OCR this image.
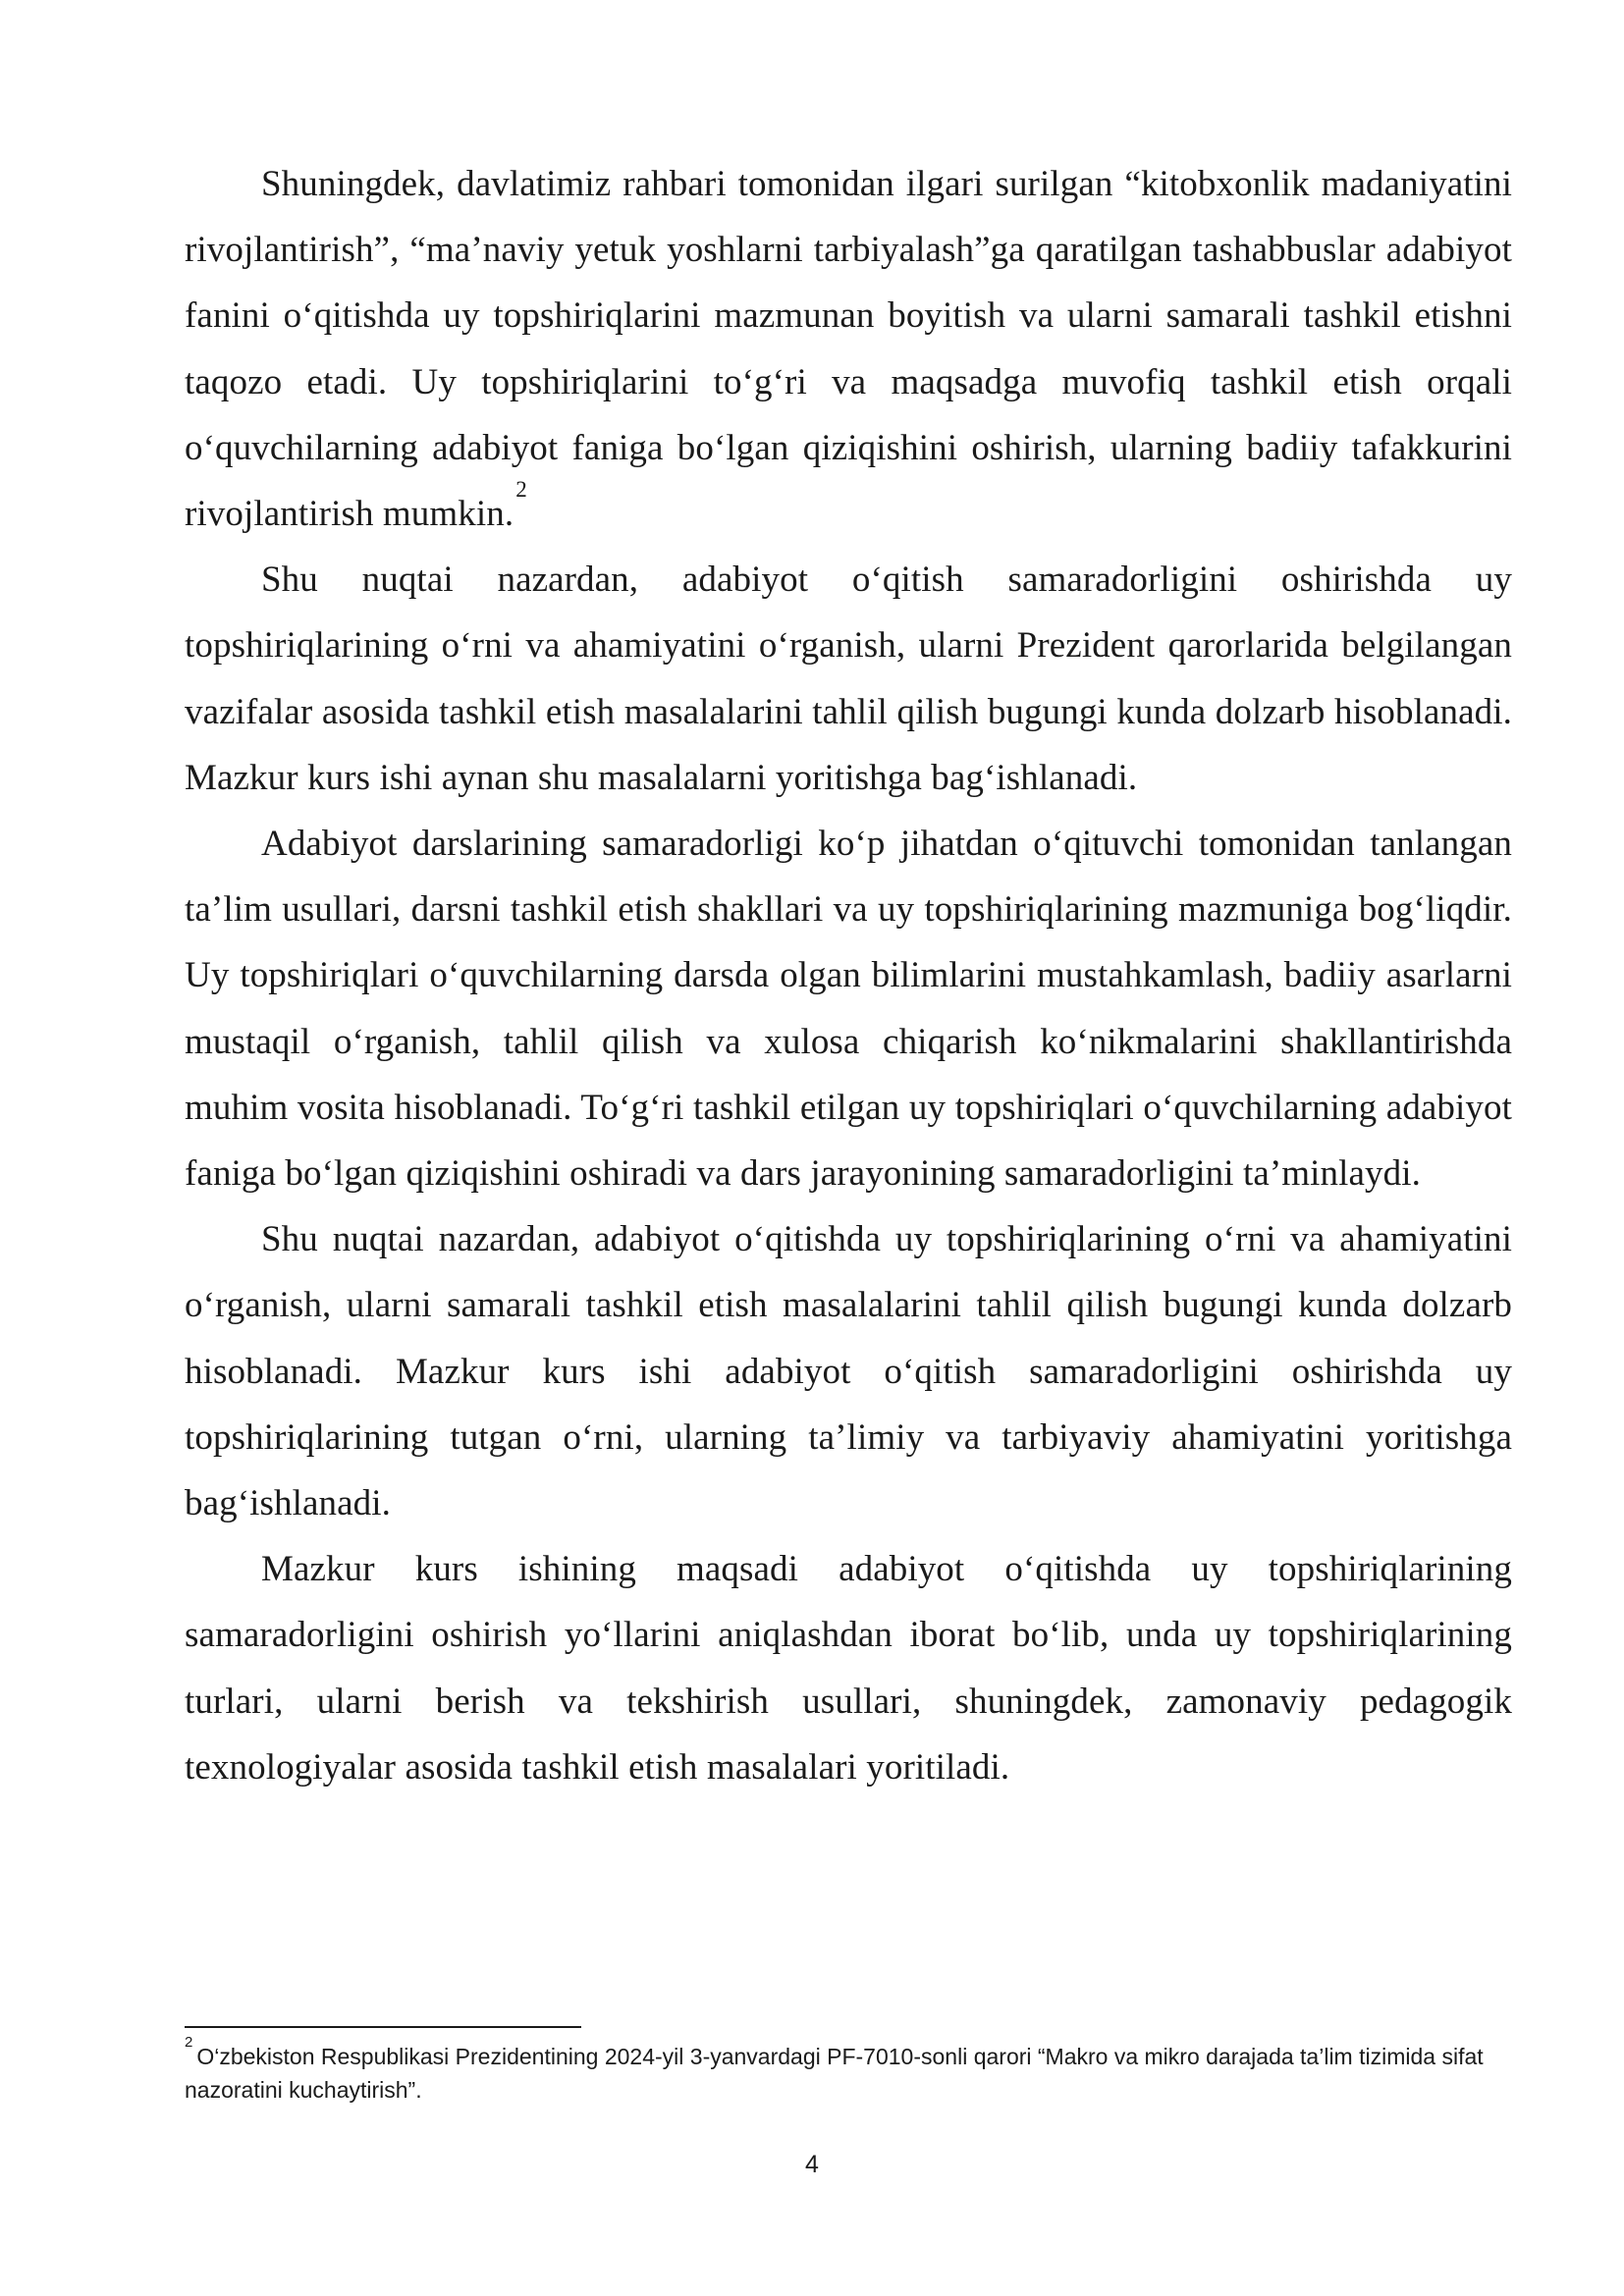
Shuningdek, davlatimiz rahbari tomonidan ilgari surilgan “kitobxonlik madaniyatini rivojlantirish”, “ma’naviy yetuk yoshlarni tarbiyalash”ga qaratilgan tashabbuslar adabiyot fanini o‘qitishda uy topshiriqlarini mazmunan boyitish va ularni samarali tashkil etishni taqozo etadi. Uy topshiriqlarini to‘g‘ri va maqsadga muvofiq tashkil etish orqali o‘quvchilarning adabiyot faniga bo‘lgan qiziqishini oshirish, ularning badiiy tafakkurini rivojlantirish mumkin.$^2$

Shu nuqtai nazardan, adabiyot o‘qitish samaradorligini oshirishda uy topshiriqlarining o‘rni va ahamiyatini o‘rganish, ularni Prezident qarorlarida belgilangan vazifalar asosida tashkil etish masalalarini tahlil qilish bugungi kunda dolzarb hisoblanadi. Mazkur kurs ishi aynan shu masalalarni yoritishga bag‘ishlanadi.

Adabiyot darslarining samaradorligi ko‘p jihatdan o‘qituvchi tomonidan tanlangan ta’lim usullari, darsni tashkil etish shakllari va uy topshiriqlarining mazmuniga bog‘liqdir. Uy topshiriqlari o‘quvchilarning darsda olgan bilimlarini mustahkamlash, badiiy asarlarni mustaqil o‘rganish, tahlil qilish va xulosa chiqarish ko‘nikmalarini shakllantirishda muhim vosita hisoblanadi. To‘g‘ri tashkil etilgan uy topshiriqlari o‘quvchilarning adabiyot faniga bo‘lgan qiziqishini oshiradi va dars jarayonining samaradorligini ta’minlaydi.

Shu nuqtai nazardan, adabiyot o‘qitishda uy topshiriqlarining o‘rni va ahamiyatini o‘rganish, ularni samarali tashkil etish masalalarini tahlil qilish bugungi kunda dolzarb hisoblanadi. Mazkur kurs ishi adabiyot o‘qitish samaradorligini oshirishda uy topshiriqlarining tutgan o‘rni, ularning ta’limiy va tarbiyaviy ahamiyatini yoritishga bag‘ishlanadi.

Mazkur kurs ishining maqsadi adabiyot o‘qitishda uy topshiriqlarining samaradorligini oshirish yo‘llarini aniqlashdan iborat bo‘lib, unda uy topshiriqlarining turlari, ularni berish va tekshirish usullari, shuningdek, zamonaviy pedagogik texnologiyalar asosida tashkil etish masalalari yoritiladi.

$^2$O‘zbekiston Respublikasi Prezidentining 2024-yil 3-yanvardagi PF-7010-sonli qarori “Makro va mikro darajada ta’lim tizimida sifat nazoratini kuchaytirish”.

4
